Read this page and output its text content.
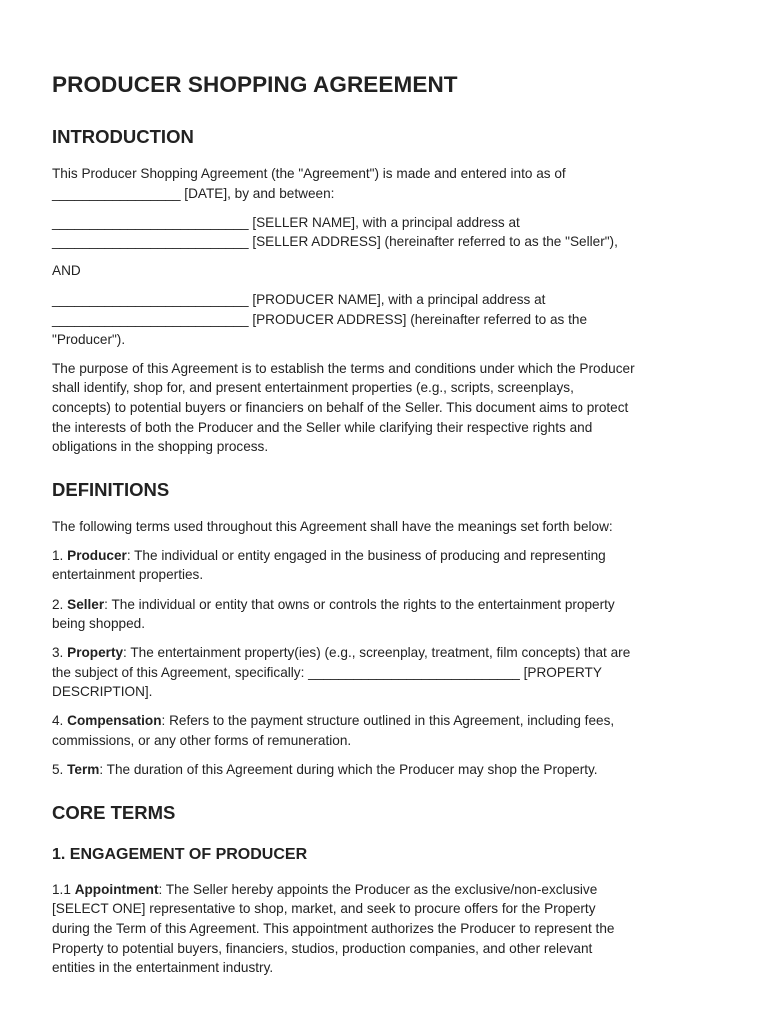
PRODUCER SHOPPING AGREEMENT
INTRODUCTION

This Producer Shopping Agreement (the "Agreement") is made and entered into as of
_________________ [DATE], by and between:

__________________________ [SELLER NAME], with a principal address at
__________________________ [SELLER ADDRESS] (hereinafter referred to as the "Seller"),

AND

__________________________ [PRODUCER NAME], with a principal address at
__________________________ [PRODUCER ADDRESS] (hereinafter referred to as the
"Producer").

The purpose of this Agreement is to establish the terms and conditions under which the Producer
shall identify, shop for, and present entertainment properties (e.g., scripts, screenplays,
concepts) to potential buyers or financiers on behalf of the Seller. This document aims to protect
the interests of both the Producer and the Seller while clarifying their respective rights and
obligations in the shopping process.

DEFINITIONS

The following terms used throughout this Agreement shall have the meanings set forth below:

1. Producer: The individual or entity engaged in the business of producing and representing
entertainment properties.

2. Seller: The individual or entity that owns or controls the rights to the entertainment property
being shopped.

3. Property: The entertainment property(ies) (e.g., screenplay, treatment, film concepts) that are
the subject of this Agreement, specifically: ____________________________ [PROPERTY
DESCRIPTION].

4. Compensation: Refers to the payment structure outlined in this Agreement, including fees,
commissions, or any other forms of remuneration.

5. Term: The duration of this Agreement during which the Producer may shop the Property.

CORE TERMS
1. ENGAGEMENT OF PRODUCER

1.1 Appointment: The Seller hereby appoints the Producer as the exclusive/non-exclusive
[SELECT ONE] representative to shop, market, and seek to procure offers for the Property
during the Term of this Agreement. This appointment authorizes the Producer to represent the
Property to potential buyers, financiers, studios, production companies, and other relevant
entities in the entertainment industry.
